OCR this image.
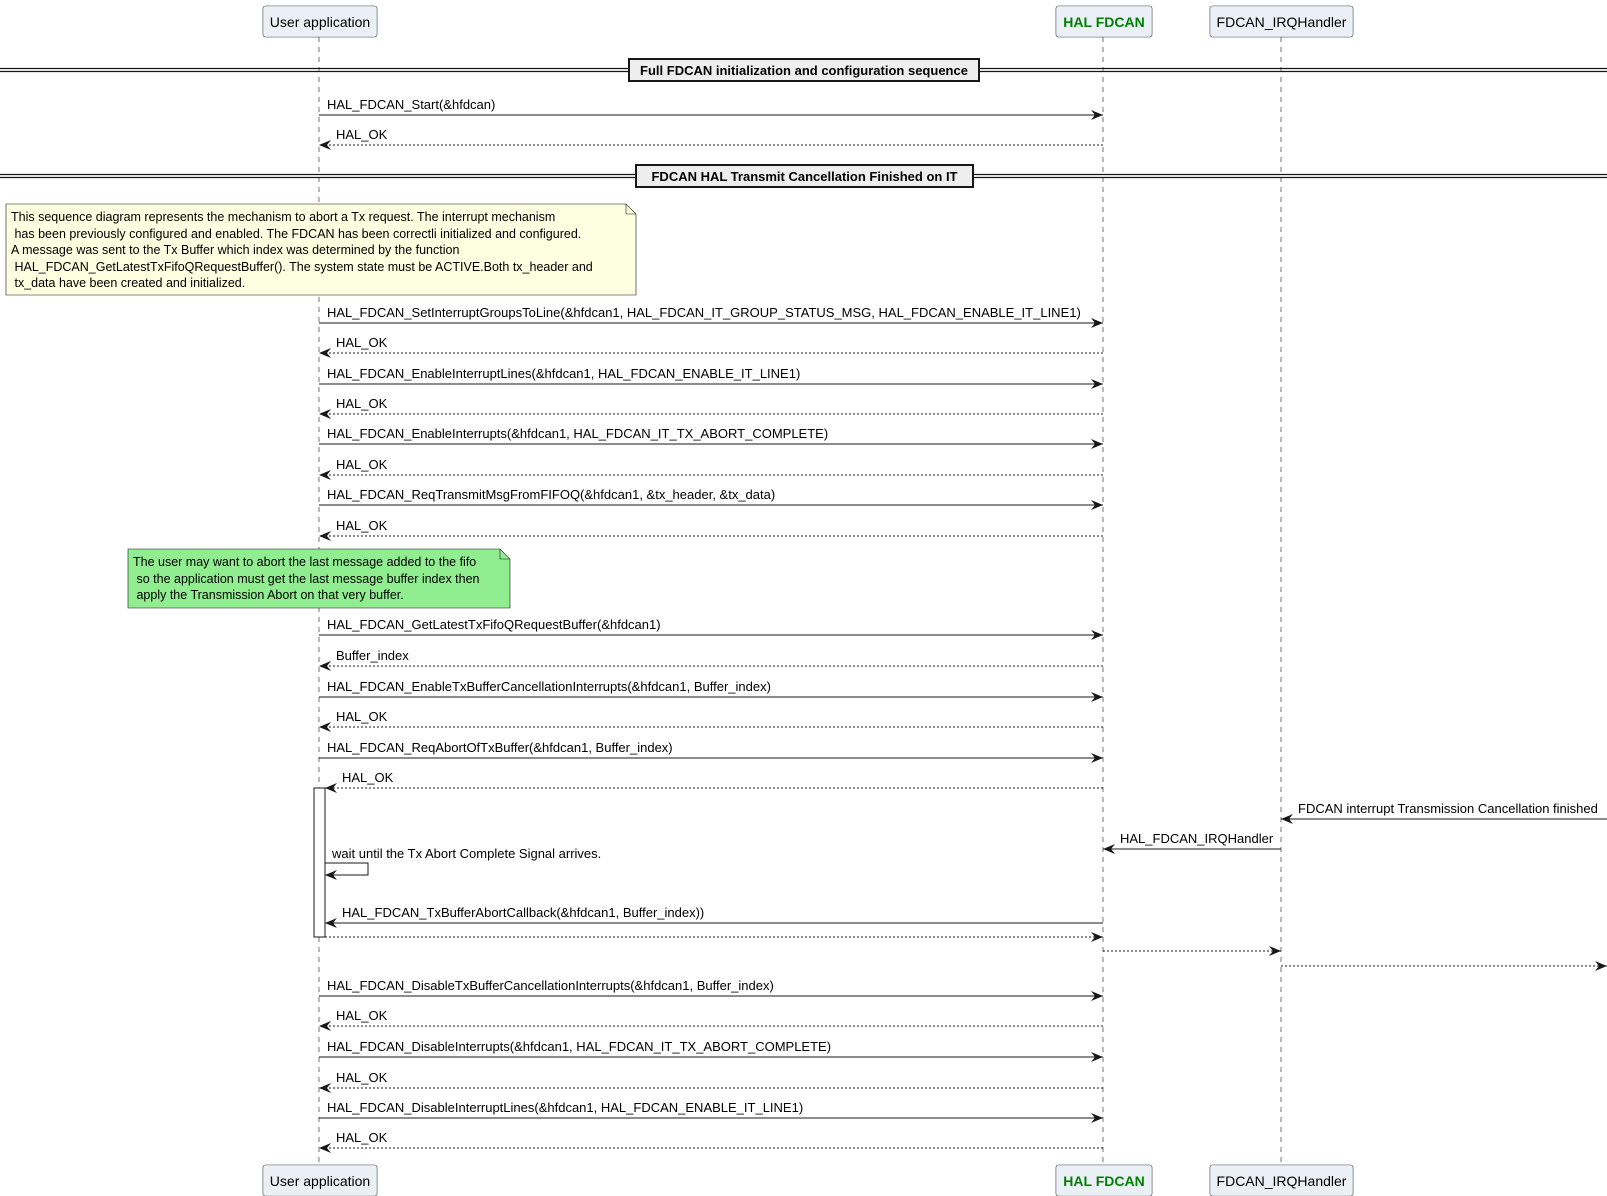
Full FDCAN initialization and configuration sequence
FDCAN HAL Transmit Cancellation Finished on IT
This sequence diagram represents the mechanism to abort a Tx request. The interrupt mechanism
has been previously configured and enabled. The FDCAN has been correctli initialized and configured.
A message was sent to the Tx Buffer which index was determined by the function
HAL_FDCAN_GetLatestTxFifoQRequestBuffer(). The system state must be ACTIVE.Both tx_header and
tx_data have been created and initialized.
The user may want to abort the last message added to the fifo
so the application must get the last message buffer index then
apply the Transmission Abort on that very buffer.
HAL_FDCAN_Start(&hfdcan)
HAL_OK
HAL_FDCAN_SetInterruptGroupsToLine(&hfdcan1, HAL_FDCAN_IT_GROUP_STATUS_MSG, HAL_FDCAN_ENABLE_IT_LINE1)
HAL_OK
HAL_FDCAN_EnableInterruptLines(&hfdcan1, HAL_FDCAN_ENABLE_IT_LINE1)
HAL_OK
HAL_FDCAN_EnableInterrupts(&hfdcan1, HAL_FDCAN_IT_TX_ABORT_COMPLETE)
HAL_OK
HAL_FDCAN_ReqTransmitMsgFromFIFOQ(&hfdcan1, &tx_header, &tx_data)
HAL_OK
HAL_FDCAN_GetLatestTxFifoQRequestBuffer(&hfdcan1)
Buffer_index
HAL_FDCAN_EnableTxBufferCancellationInterrupts(&hfdcan1, Buffer_index)
HAL_OK
HAL_FDCAN_ReqAbortOfTxBuffer(&hfdcan1, Buffer_index)
HAL_OK
FDCAN interrupt Transmission Cancellation finished
HAL_FDCAN_IRQHandler
wait until the Tx Abort Complete Signal arrives.
HAL_FDCAN_TxBufferAbortCallback(&hfdcan1, Buffer_index))
HAL_FDCAN_DisableTxBufferCancellationInterrupts(&hfdcan1, Buffer_index)
HAL_OK
HAL_FDCAN_DisableInterrupts(&hfdcan1, HAL_FDCAN_IT_TX_ABORT_COMPLETE)
HAL_OK
HAL_FDCAN_DisableInterruptLines(&hfdcan1, HAL_FDCAN_ENABLE_IT_LINE1)
HAL_OK
User application
User application
HAL FDCAN
HAL FDCAN
FDCAN_IRQHandler
FDCAN_IRQHandler
